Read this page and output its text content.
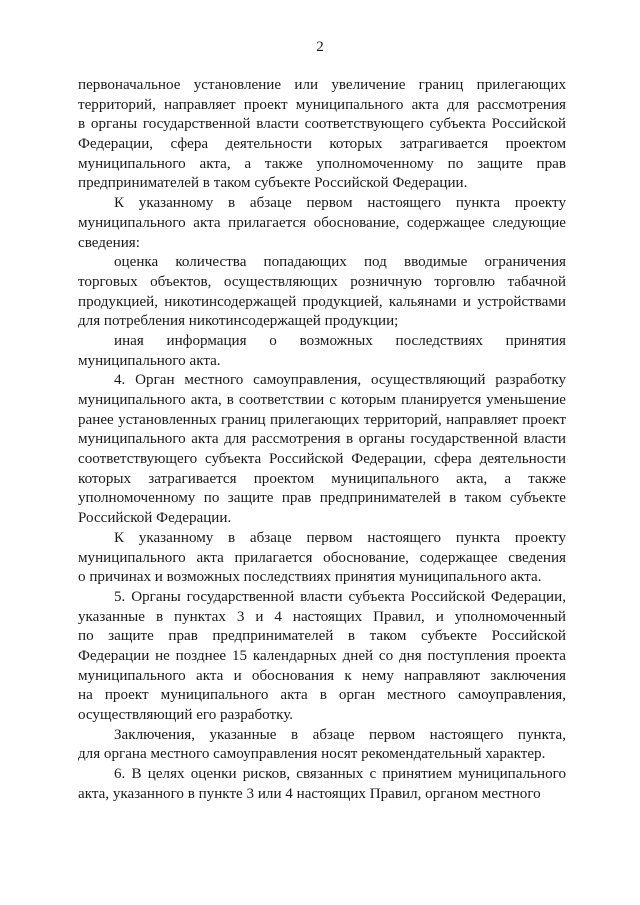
2
первоначальное установление или увеличение границ прилегающих
территорий, направляет проект муниципального акта для рассмотрения
в органы государственной власти соответствующего субъекта Российской
Федерации, сфера деятельности которых затрагивается проектом
муниципального акта, а также уполномоченному по защите прав
предпринимателей в таком субъекте Российской Федерации.
К указанному в абзаце первом настоящего пункта проекту
муниципального акта прилагается обоснование, содержащее следующие
сведения:
оценка количества попадающих под вводимые ограничения
торговых объектов, осуществляющих розничную торговлю табачной
продукцией, никотинсодержащей продукцией, кальянами и устройствами
для потребления никотинсодержащей продукции;
иная информация о возможных последствиях принятия
муниципального акта.
4. Орган местного самоуправления, осуществляющий разработку
муниципального акта, в соответствии с которым планируется уменьшение
ранее установленных границ прилегающих территорий, направляет проект
муниципального акта для рассмотрения в органы государственной власти
соответствующего субъекта Российской Федерации, сфера деятельности
которых затрагивается проектом муниципального акта, а также
уполномоченному по защите прав предпринимателей в таком субъекте
Российской Федерации.
К указанному в абзаце первом настоящего пункта проекту
муниципального акта прилагается обоснование, содержащее сведения
о причинах и возможных последствиях принятия муниципального акта.
5. Органы государственной власти субъекта Российской Федерации,
указанные в пунктах 3 и 4 настоящих Правил, и уполномоченный
по защите прав предпринимателей в таком субъекте Российской
Федерации не позднее 15 календарных дней со дня поступления проекта
муниципального акта и обоснования к нему направляют заключения
на проект муниципального акта в орган местного самоуправления,
осуществляющий его разработку.
Заключения, указанные в абзаце первом настоящего пункта,
для органа местного самоуправления носят рекомендательный характер.
6. В целях оценки рисков, связанных с принятием муниципального
акта, указанного в пункте 3 или 4 настоящих Правил, органом местного
